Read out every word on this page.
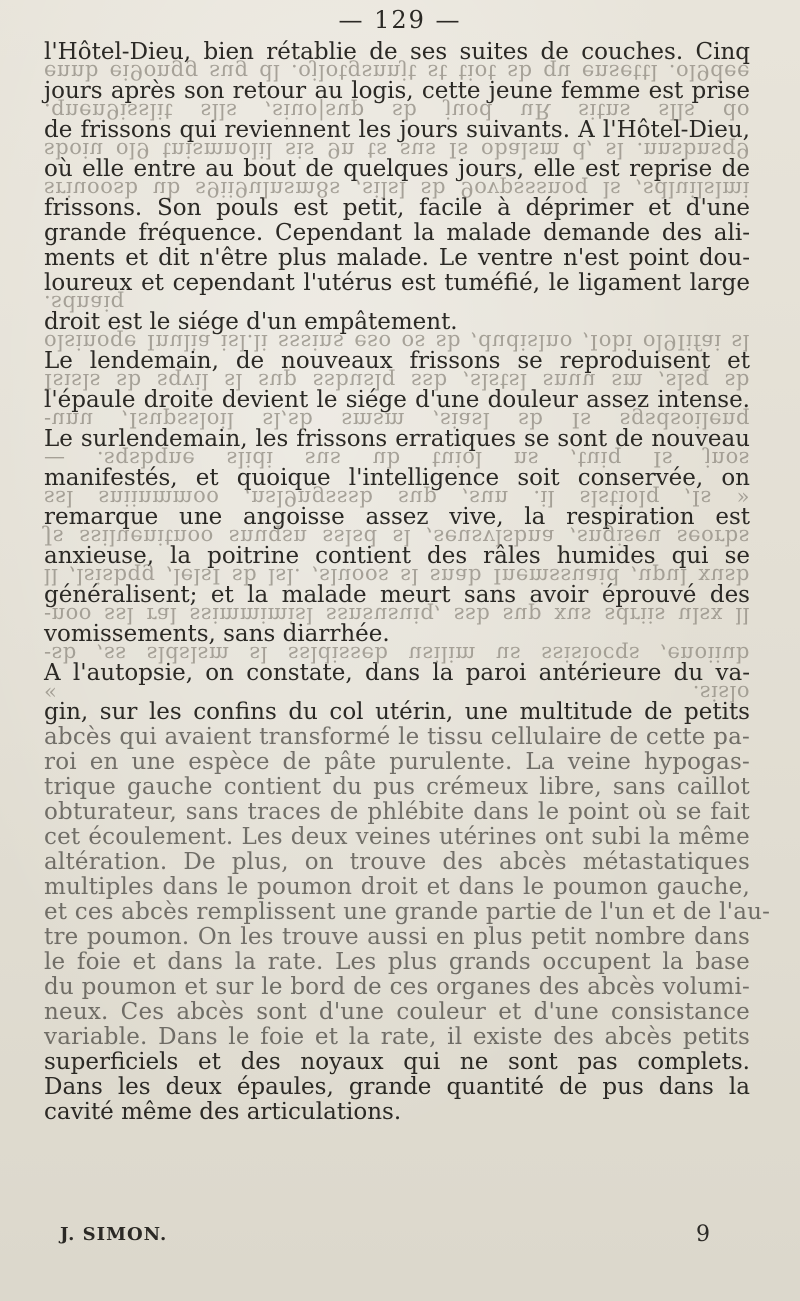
— 129 —
l'Hôtel-Dieu, bien rétablie de ses suites de couches. Cinq
ennb ei9ongg sug dl .ojlotgsnnjt st tiot sb qu ensettl .ol9dee
jours après son retour au logis, cette jeune femme est prise
.qnen9isslit slls ,siuo|sup sb juod uR sitns slls do
de frissons qui reviennent les jours suivants. A l'Hôtel-Dieu,
sboiu ol9 tnismnolil sis 9n ts sus Is obalsm d, sl .nnsbnsq9
où elle entre au bout de quelques jours, elle est reprise de
sriuoosb ub s9ii9ulnsm8s ,silsl sb 9ovpsssnoq ls ,sdluilslmi
frissons. Son pouls est petit, facile à déprimer et d'une
grande fréquence. Cependant la malade demande des ali-
ments et dit n'être plus malade. Le ventre n'est point dou-
loureux et cependant l'utérus est tuméfié, le ligament large
.sdnaiq
droit est le siége d'un empâtement.
olsinoqe Inulia isl.li sssins eso os sb ,dudislno ,Iobi ol9Iifai sl
Le lendemain, de nouveaux frissons se reproduisent et
Isisls sb sqvil sl sup ssbuslq ssb ,slstsl snuu sm ,slsq sb
l'épaule droite devient le siége d'une douleur assez intense.
-unu ,Isupssloil sl,sb smsm ,siasl sb Is sgsdsoilenq
Le surlendemain, les frissons erratiques se sont de nouveau
— .sqsbqne slidi sus ub tuiol ns ,tuiq Is jnos
manifestés, et quoique l'intelligence soit conservée, on
ssl sniinmmoo ,nsl9ngsssb sup ,sun .il slstiolq ,Is »
remarque une angoisse assez vive, la respiration est
Js ssiluenitnoo snuqsn sslsd sl ,seusvlsbna ,sngiseu seorbs
anxieuse, la poitrine contient des râles humides qui se
ll ,lsisbqg ,lelsI sb lsl. ,sluoos sl snab Inemssuaid ,upul xusb
généralisent; et la malade meurt sans avoir éprouvé des
-noo ssl ral ssimmimisl ssnsusuiq, ssb sup xus sdriis ulsx ll
vomissements, sans diarrhée.
-sb ,ss sldslsm sl ssldisseb usilim us ssisiocqs ,enoiiub
A l'autopsie, on constate, dans la paroi antérieure du va-
« .sislo
gin, sur les confins du col utérin, une multitude de petits
abcès qui avaient transformé le tissu cellulaire de cette pa-
roi en une espèce de pâte purulente. La veine hypogas-
trique gauche contient du pus crémeux libre, sans caillot
obturateur, sans traces de phlébite dans le point où se fait
cet écoulement. Les deux veines utérines ont subi la même
altération. De plus, on trouve des abcès métastatiques
multiples dans le poumon droit et dans le poumon gauche,
et ces abcès remplissent une grande partie de l'un et de l'au-
tre poumon. On les trouve aussi en plus petit nombre dans
le foie et dans la rate. Les plus grands occupent la base
du poumon et sur le bord de ces organes des abcès volumi-
neux. Ces abcès sont d'une couleur et d'une consistance
variable. Dans le foie et la rate, il existe des abcès petits
superficiels et des noyaux qui ne sont pas complets.
Dans les deux épaules, grande quantité de pus dans la
cavité même des articulations.
J. SIMON.	9
